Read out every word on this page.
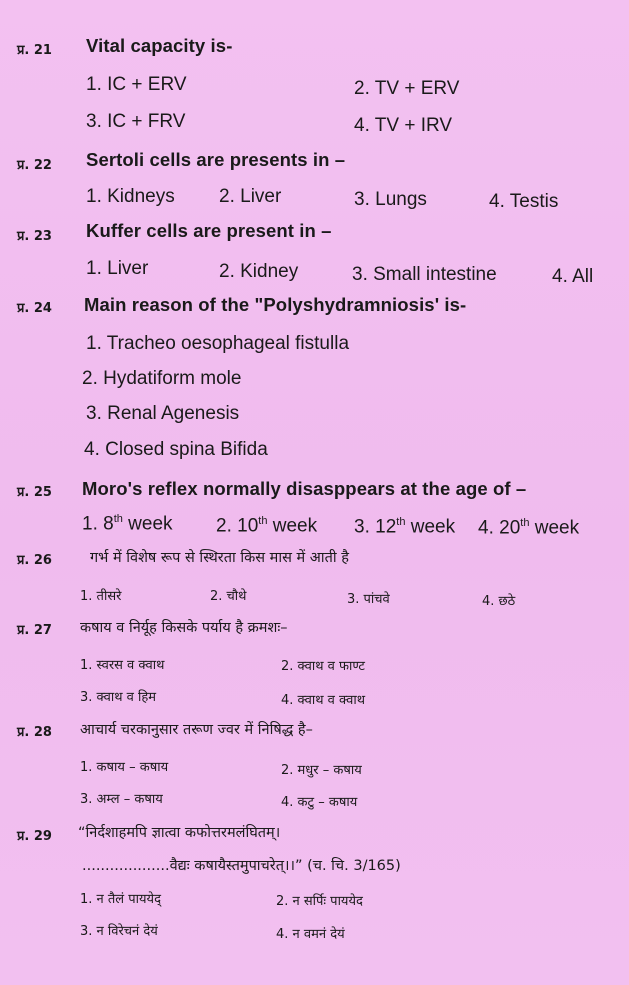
प्र. 21 Vital capacity is-
1. IC + ERV	2. TV + ERV
3. IC + FRV	4. TV + IRV
प्र. 22 Sertoli cells are presents in –
1. Kidneys 2. Liver	3. Lungs	4. Testis
प्र. 23 Kuffer cells are present in –
1. Liver	2. Kidney	3. Small intestine	4. All
प्र. 24 Main reason of the "Polyshydramniosis' is-
1. Tracheo oesophageal fistulla
2. Hydatiform mole
3. Renal Agenesis
4. Closed spina Bifida
प्र. 25 Moro's reflex normally disasppears at the age of –
1. 8th week 2. 10th week 3. 12th week 4. 20th week
प्र. 26	गर्भ में विशेष रूप से स्थिरता किस मास में आती है
1. तीसरे	2. चौथे	3. पांचवे	4. छठे
प्र. 27 कषाय व निर्यूह किसके पर्याय है क्रमशः–
1. स्वरस व क्वाथ	2. क्वाथ व फाण्ट
3. क्वाथ व हिम	4. क्वाथ व क्वाथ
प्र. 28 आचार्य चरकानुसार तरूण ज्वर में निषिद्ध है–
1. कषाय – कषाय	2. मधुर – कषाय
3. अम्ल – कषाय	4. कटु – कषाय
प्र. 29 “निर्दशाहमपि ज्ञात्वा कफोत्तरमलंघितम्।
...................वैद्यः कषायैस्तमुपाचरेत्।।” (च. चि. 3/165)
1. न तैलं पाययेद्	2. न सर्पिः पाययेद
3. न विरेचनं देयं	4. न वमनं देयं
